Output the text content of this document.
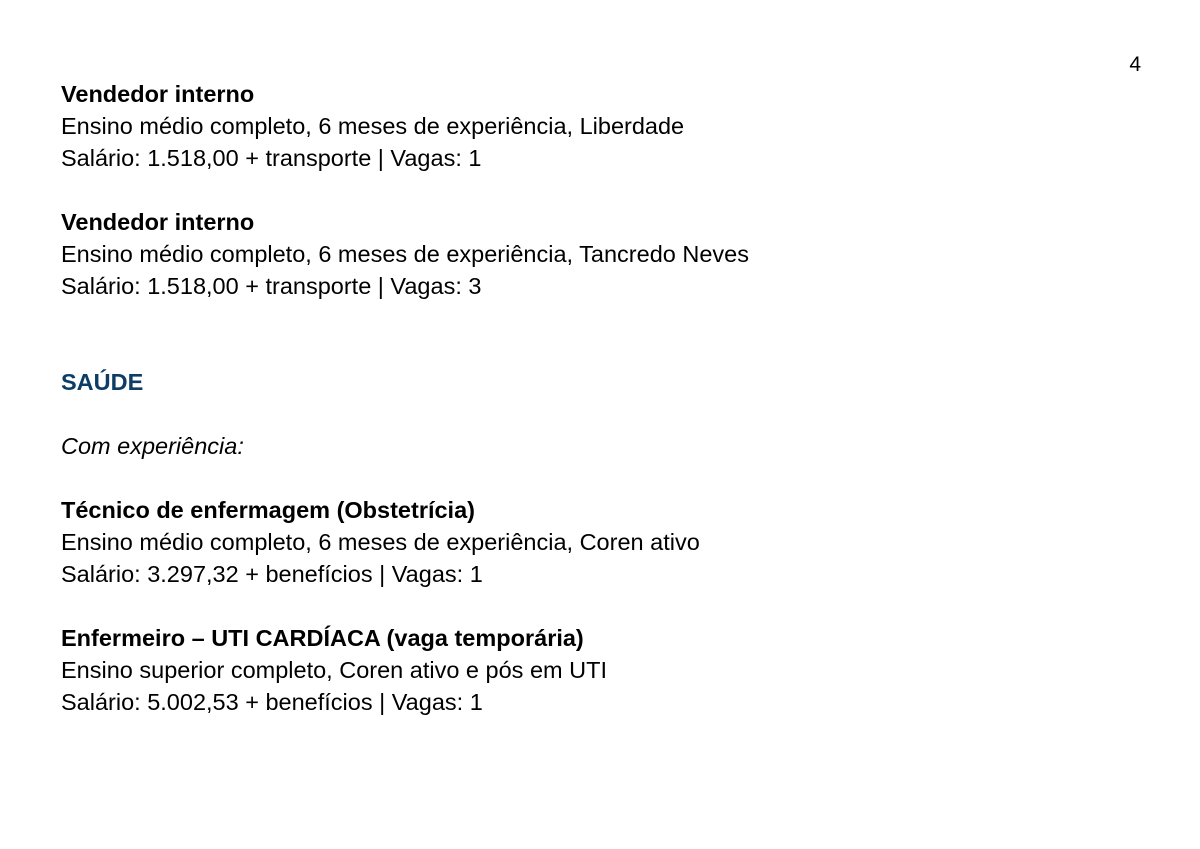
4
Vendedor interno
Ensino médio completo, 6 meses de experiência, Liberdade
Salário: 1.518,00 + transporte | Vagas: 1
Vendedor interno
Ensino médio completo, 6 meses de experiência, Tancredo Neves
Salário: 1.518,00 + transporte | Vagas: 3
SAÚDE
Com experiência:
Técnico de enfermagem (Obstetrícia)
Ensino médio completo, 6 meses de experiência, Coren ativo
Salário: 3.297,32 + benefícios | Vagas: 1
Enfermeiro – UTI CARDÍACA (vaga temporária)
Ensino superior completo, Coren ativo e pós em UTI
Salário: 5.002,53 + benefícios | Vagas: 1
